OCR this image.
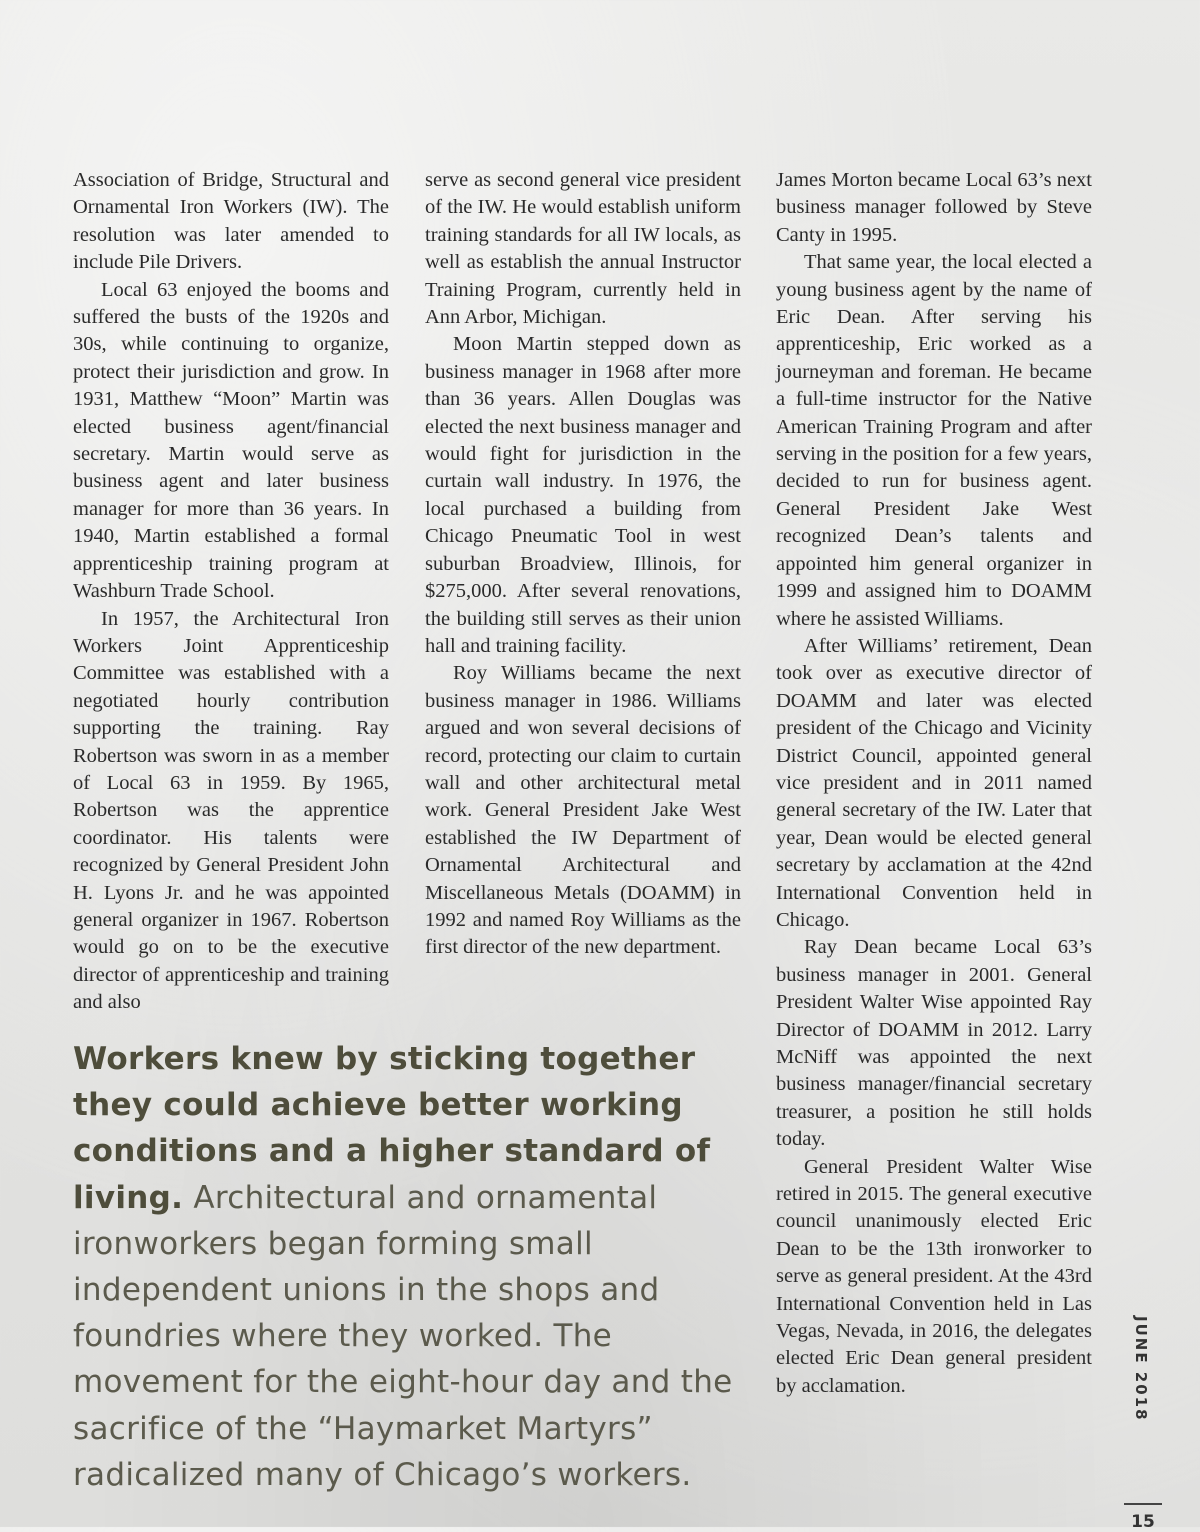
Association of Bridge, Structural and Ornamental Iron Workers (IW). The resolution was later amended to include Pile Drivers.

Local 63 enjoyed the booms and suffered the busts of the 1920s and 30s, while continuing to organize, protect their jurisdiction and grow. In 1931, Matthew “Moon” Martin was elected business agent/financial secretary. Martin would serve as business agent and later business manager for more than 36 years. In 1940, Martin established a formal apprenticeship training program at Washburn Trade School.

In 1957, the Architectural Iron Workers Joint Apprenticeship Committee was established with a negotiated hourly contribution supporting the training. Ray Robertson was sworn in as a member of Local 63 in 1959. By 1965, Robertson was the apprentice coordinator. His talents were recognized by General President John H. Lyons Jr. and he was appointed general organizer in 1967. Robertson would go on to be the executive director of apprenticeship and training and also

serve as second general vice president of the IW. He would establish uniform training standards for all IW locals, as well as establish the annual Instructor Training Program, currently held in Ann Arbor, Michigan.

Moon Martin stepped down as business manager in 1968 after more than 36 years. Allen Douglas was elected the next business manager and would fight for jurisdiction in the curtain wall industry. In 1976, the local purchased a building from Chicago Pneumatic Tool in west suburban Broadview, Illinois, for $275,000. After several renovations, the building still serves as their union hall and training facility.

Roy Williams became the next business manager in 1986. Williams argued and won several decisions of record, protecting our claim to curtain wall and other architectural metal work. General President Jake West established the IW Department of Ornamental Architectural and Miscellaneous Metals (DOAMM) in 1992 and named Roy Williams as the first director of the new department.

James Morton became Local 63’s next business manager followed by Steve Canty in 1995.

That same year, the local elected a young business agent by the name of Eric Dean. After serving his apprenticeship, Eric worked as a journeyman and foreman. He became a full-time instructor for the Native American Training Program and after serving in the position for a few years, decided to run for business agent. General President Jake West recognized Dean’s talents and appointed him general organizer in 1999 and assigned him to DOAMM where he assisted Williams.

After Williams’ retirement, Dean took over as executive director of DOAMM and later was elected president of the Chicago and Vicinity District Council, appointed general vice president and in 2011 named general secretary of the IW. Later that year, Dean would be elected general secretary by acclamation at the 42nd International Convention held in Chicago.

Ray Dean became Local 63’s business manager in 2001. General President Walter Wise appointed Ray Director of DOAMM in 2012. Larry McNiff was appointed the next business manager/financial secretary treasurer, a position he still holds today.

General President Walter Wise retired in 2015. The general executive council unanimously elected Eric Dean to be the 13th ironworker to serve as general president. At the 43rd International Convention held in Las Vegas, Nevada, in 2016, the delegates elected Eric Dean general president by acclamation.

Workers knew by sticking together they could achieve better working conditions and a higher standard of living. Architectural and ornamental ironworkers began forming small independent unions in the shops and foundries where they worked. The movement for the eight-hour day and the sacrifice of the “Haymarket Martyrs” radicalized many of Chicago’s workers.
JUNE 2018
15
